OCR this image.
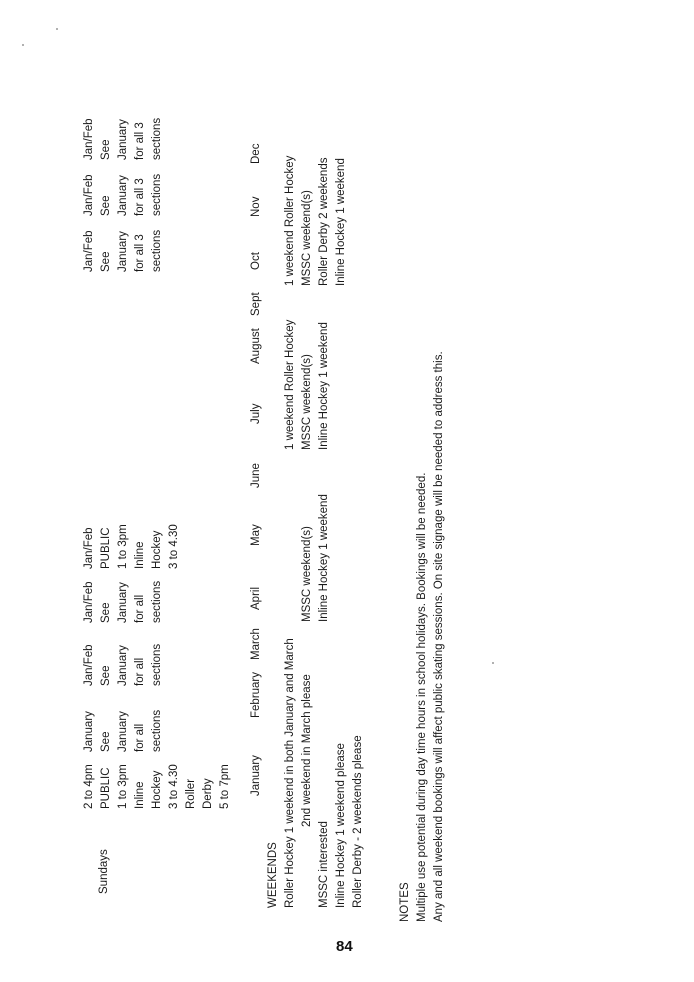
Sundays
2 to 4pm PUBLIC 1 to 3pm Inline Hockey 3 to 4.30 Roller Derby 5 to 7pm
January See January for all sections
Jan/Feb See January for all sections
Jan/Feb See January for all sections
Jan/Feb PUBLIC 1 to 3pm Inline Hockey 3 to 4.30
Jan/Feb See January for all 3 sections
Jan/Feb See January for all 3 sections
Jan/Feb See January for all 3 sections
January
February
March
April
May
June
July
August
Sept
Oct
Nov
Dec
WEEKENDS Roller Hockey 1 weekend in both January and March 2nd weekend in March please
MSSC interested Inline Hockey 1 weekend please Roller Derby - 2 weekends please
MSSC weekend(s) Inline Hockey 1 weekend
1 weekend Roller Hockey MSSC weekend(s) Inline Hockey 1 weekend
1 weekend Roller Hockey MSSC weekend(s) Roller Derby 2 weekends Inline Hockey 1 weekend
NOTES Multiple use potential during day time hours in school holidays. Bookings will be needed. Any and all weekend bookings will affect public skating sessions. On site signage will be needed to address this.
84
